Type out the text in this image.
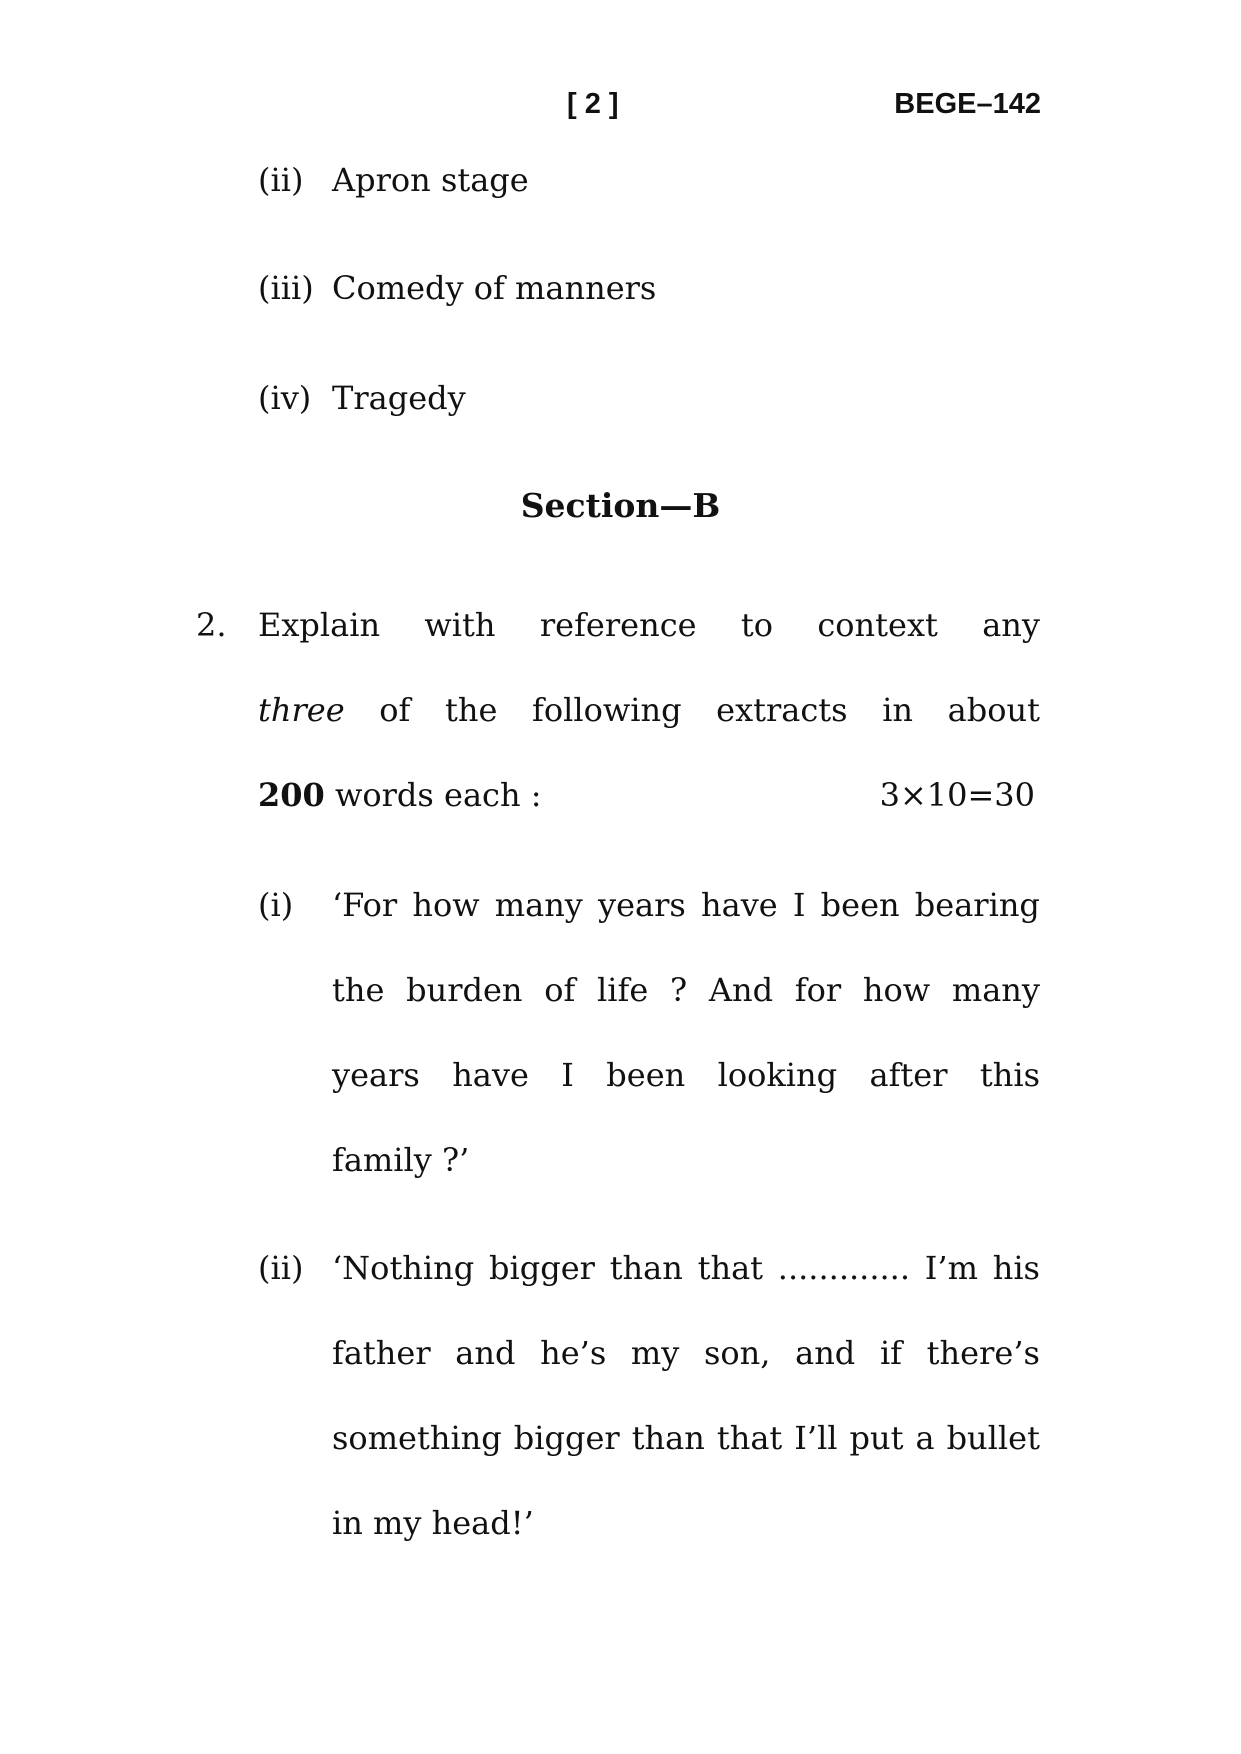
[ 2 ]	BEGE–142
(ii) Apron stage
(iii) Comedy of manners
(iv) Tragedy
Section—B
2. Explain with reference to context any
three of the following extracts in about
200 words each :	3×10=30
(i) ‘For how many years have I been bearing
the burden of life ? And for how many
years have I been looking after this
family ?’
(ii) ‘Nothing bigger than that ............. I’m his
father and he’s my son, and if there’s
something bigger than that I’ll put a bullet
in my head!’
